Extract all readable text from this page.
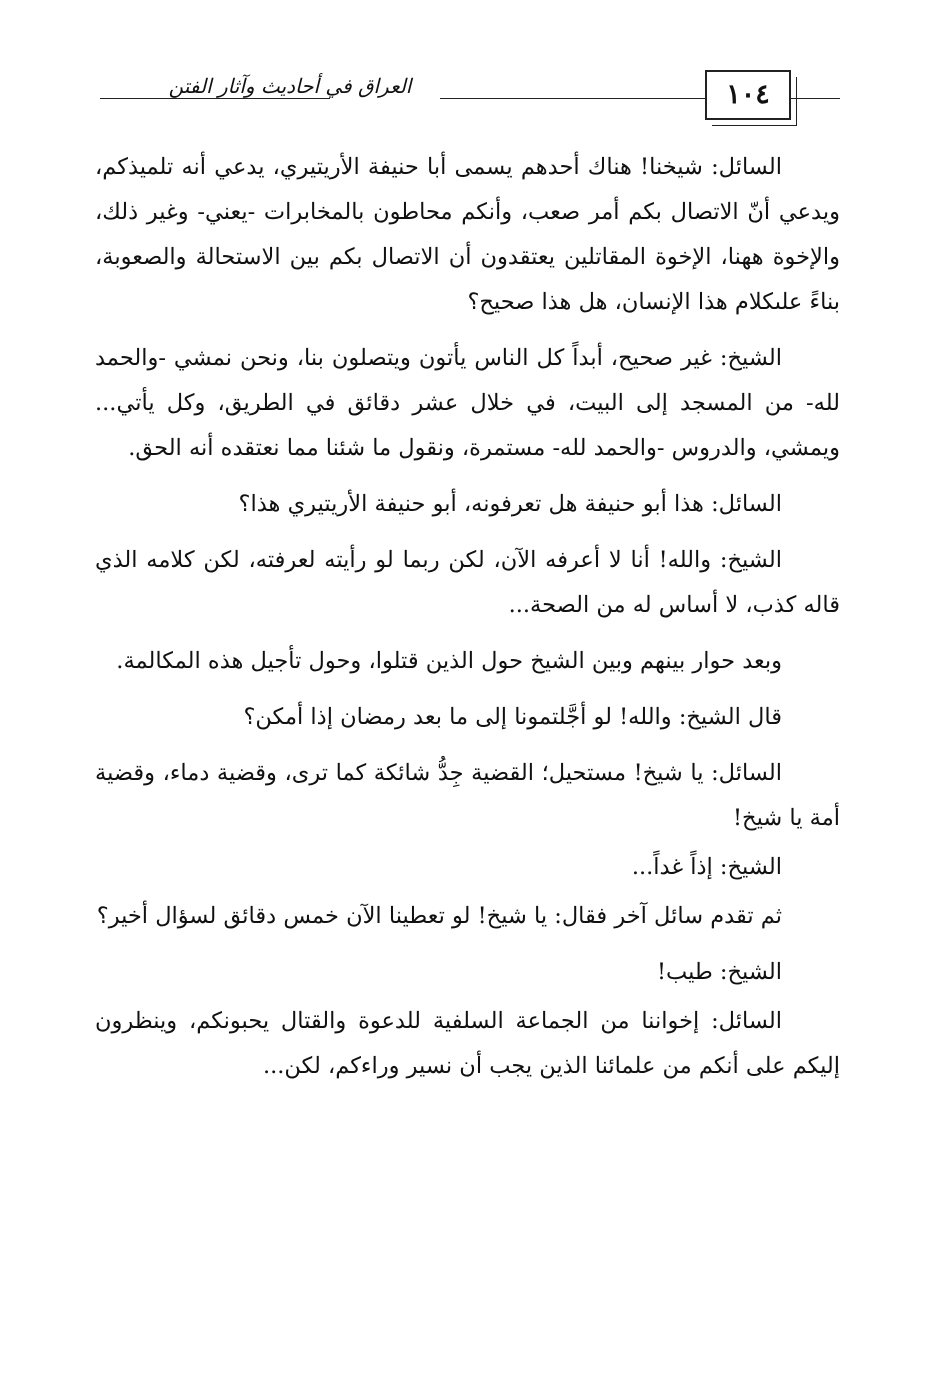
العراق في أحاديث وآثار الفتن	١٠٤

السائل: شيخنا! هناك أحدهم يسمى أبا حنيفة الأريتيري، يدعي أنه تلميذكم، ويدعي أنّ الاتصال بكم أمر صعب، وأنكم محاطون بالمخابرات -يعني- وغير ذلك، والإخوة ههنا، الإخوة المقاتلين يعتقدون أن الاتصال بكم بين الاستحالة والصعوبة، بناءً علىكلام هذا الإنسان، هل هذا صحيح؟

الشيخ: غير صحيح، أبداً كل الناس يأتون ويتصلون بنا، ونحن نمشي -والحمد لله- من المسجد إلى البيت، في خلال عشر دقائق في الطريق، وكل يأتي... ويمشي، والدروس -والحمد لله- مستمرة، ونقول ما شئنا مما نعتقده أنه الحق.

السائل: هذا أبو حنيفة هل تعرفونه، أبو حنيفة الأريتيري هذا؟

الشيخ: والله! أنا لا أعرفه الآن، لكن ربما لو رأيته لعرفته، لكن كلامه الذي قاله كذب، لا أساس له من الصحة...

وبعد حوار بينهم وبين الشيخ حول الذين قتلوا، وحول تأجيل هذه المكالمة.

قال الشيخ: والله! لو أجَّلتمونا إلى ما بعد رمضان إذا أمكن؟

السائل: يا شيخ! مستحيل؛ القضية جِدُّ شائكة كما ترى، وقضية دماء، وقضية أمة يا شيخ!

الشيخ: إذاً غداً...

ثم تقدم سائل آخر فقال: يا شيخ! لو تعطينا الآن خمس دقائق لسؤال أخير؟

الشيخ: طيب!

السائل: إخواننا من الجماعة السلفية للدعوة والقتال يحبونكم، وينظرون إليكم على أنكم من علمائنا الذين يجب أن نسير وراءكم، لكن...
